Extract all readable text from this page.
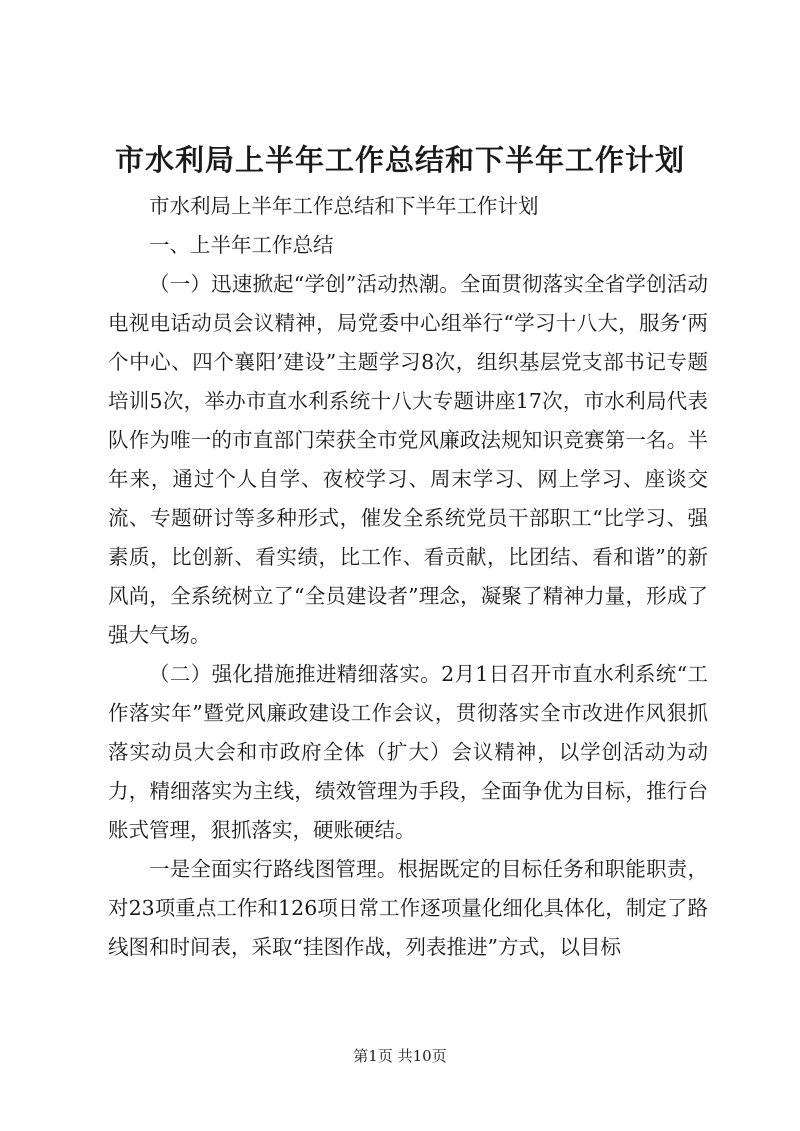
市水利局上半年工作总结和下半年工作计划

市水利局上半年工作总结和下半年工作计划

一、上半年工作总结

（一）迅速掀起“学创”活动热潮。全面贯彻落实全省学创活动电视电话动员会议精神，局党委中心组举行“学习十八大，服务‘两个中心、四个襄阳’建设”主题学习8次，组织基层党支部书记专题培训5次，举办市直水利系统十八大专题讲座17次，市水利局代表队作为唯一的市直部门荣获全市党风廉政法规知识竞赛第一名。半年来，通过个人自学、夜校学习、周末学习、网上学习、座谈交流、专题研讨等多种形式，催发全系统党员干部职工“比学习、强素质，比创新、看实绩，比工作、看贡献，比团结、看和谐”的新风尚，全系统树立了“全员建设者”理念，凝聚了精神力量，形成了强大气场。

（二）强化措施推进精细落实。2月1日召开市直水利系统“工作落实年”暨党风廉政建设工作会议，贯彻落实全市改进作风狠抓落实动员大会和市政府全体（扩大）会议精神，以学创活动为动力，精细落实为主线，绩效管理为手段，全面争优为目标，推行台账式管理，狠抓落实，硬账硬结。

一是全面实行路线图管理。根据既定的目标任务和职能职责，对23项重点工作和126项日常工作逐项量化细化具体化，制定了路线图和时间表，采取“挂图作战，列表推进”方式，以目标

第1页 共10页
